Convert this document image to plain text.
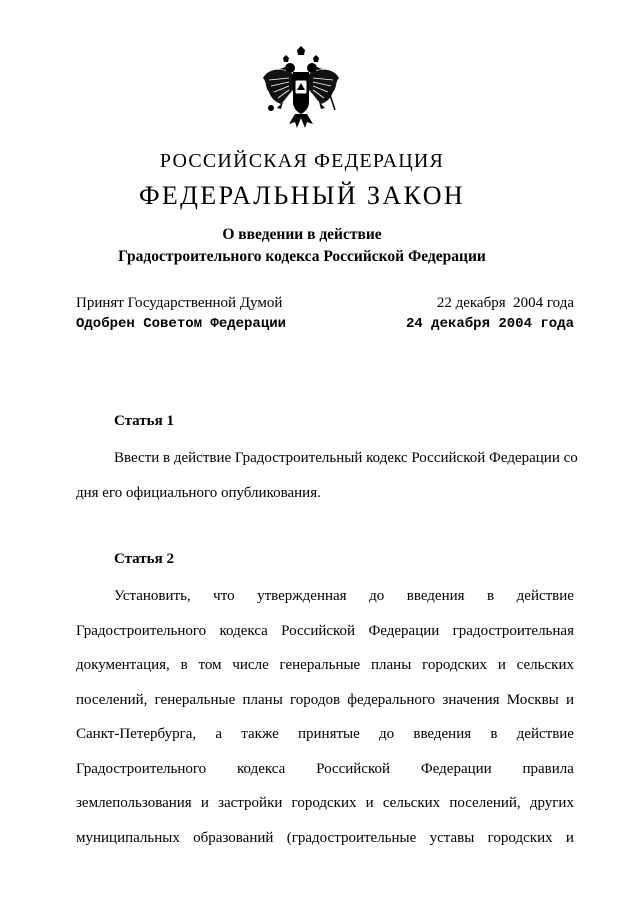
РОССИЙСКАЯ ФЕДЕРАЦИЯ
ФЕДЕРАЛЬНЫЙ ЗАКОН
О введении в действие
Градостроительного кодекса Российской Федерации
Принят Государственной Думой	22 декабря  2004 года
Одобрен Советом Федерации	24 декабря 2004 года
Статья 1
Ввести в действие Градостроительный кодекс Российской Федерации со
дня его официального опубликования.
Статья 2
Установить, что утвержденная до введения в действие
Градостроительного кодекса Российской Федерации градостроительная
документация, в том числе генеральные планы городских и сельских
поселений, генеральные планы городов федерального значения Москвы и
Санкт-Петербурга, а также принятые до введения в действие
Градостроительного кодекса Российской Федерации правила
землепользования и застройки городских и сельских поселений, других
муниципальных образований (градостроительные уставы городских и
